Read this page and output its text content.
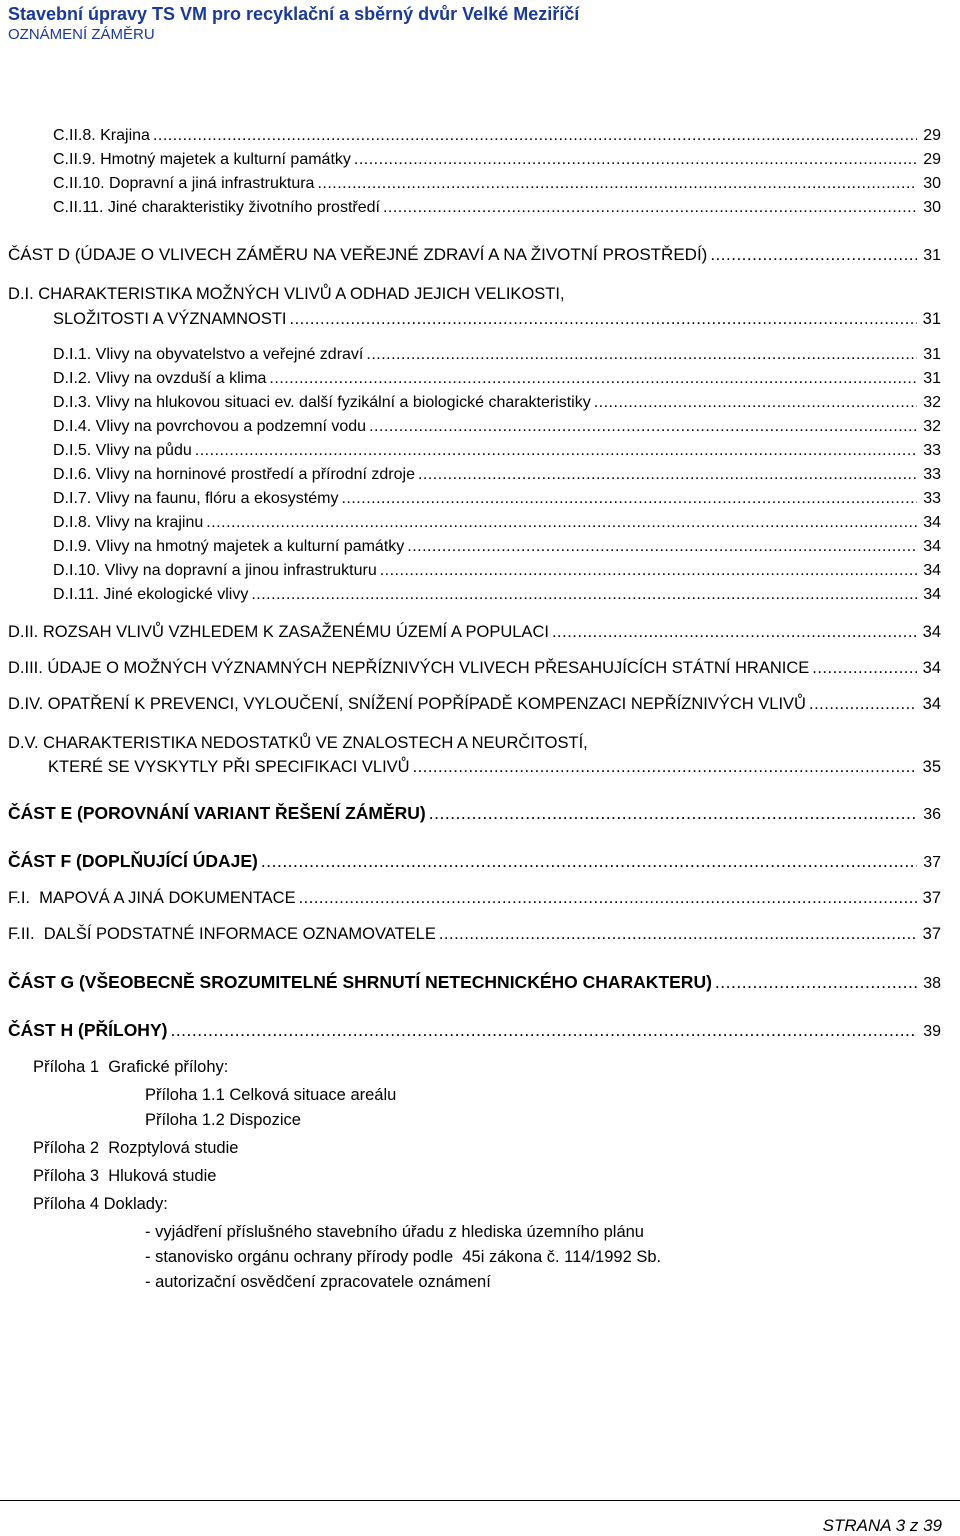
Stavební úpravy TS VM pro recyklační a sběrný dvůr Velké Meziříčí
OZNÁMENÍ ZÁMĚRU
C.II.8. Krajina .....	29
C.II.9. Hmotný majetek a kulturní památky .....	29
C.II.10. Dopravní a jiná infrastruktura .....	30
C.II.11. Jiné charakteristiky životního prostředí .....	30
ČÁST D (ÚDAJE O VLIVECH ZÁMĚRU NA VEŘEJNÉ ZDRAVÍ A NA ŽIVOTNÍ PROSTŘEDÍ) .....	31
D.I. CHARAKTERISTIKA MOŽNÝCH VLIVŮ A ODHAD JEJICH VELIKOSTI,
SLOŽITOSTI A VÝZNAMNOSTI .....	31
D.I.1. Vlivy na obyvatelstvo a veřejné zdraví .....	31
D.I.2. Vlivy na ovzduší a klima .....	31
D.I.3. Vlivy na hlukovou situaci ev. další fyzikální a biologické charakteristiky .....	32
D.I.4. Vlivy na povrchovou a podzemní vodu .....	32
D.I.5. Vlivy na půdu .....	33
D.I.6. Vlivy na horninové prostředí a přírodní zdroje .....	33
D.I.7. Vlivy na faunu, flóru a ekosystémy .....	33
D.I.8. Vlivy na krajinu .....	34
D.I.9. Vlivy na hmotný majetek a kulturní památky .....	34
D.I.10. Vlivy na dopravní a jinou infrastrukturu .....	34
D.I.11. Jiné ekologické vlivy .....	34
D.II. ROZSAH VLIVŮ VZHLEDEM K ZASAŽENÉMU ÚZEMÍ A POPULACI .....	34
D.III. ÚDAJE O MOŽNÝCH VÝZNAMNÝCH NEPŘÍZNIVÝCH VLIVECH PŘESAHUJÍCÍCH STÁTNÍ HRANICE .....	34
D.IV. OPATŘENÍ K PREVENCI, VYLOUČENÍ, SNÍŽENÍ POPŘÍPADĚ KOMPENZACI NEPŘÍZNIVÝCH VLIVŮ .....	34
D.V. CHARAKTERISTIKA NEDOSTATKŮ VE ZNALOSTECH A NEURČITOSTÍ,
KTERÉ SE VYSKYTLY PŘI SPECIFIKACI VLIVŮ .....	35
ČÁST E (POROVNÁNÍ VARIANT ŘEŠENÍ ZÁMĚRU) .....	36
ČÁST F (DOPLŇUJÍCÍ ÚDAJE) .....	37
F.I.  MAPOVÁ A JINÁ DOKUMENTACE .....	37
F.II.  DALŠÍ PODSTATNÉ INFORMACE OZNAMOVATELE .....	37
ČÁST G (VŠEOBECNĚ SROZUMITELNÉ SHRNUTÍ NETECHNICKÉHO CHARAKTERU) .....	38
ČÁST H (PŘÍLOHY) .....	39
Příloha 1  Grafické přílohy:
Příloha 1.1 Celková situace areálu
Příloha 1.2 Dispozice
Příloha 2  Rozptylová studie
Příloha 3  Hluková studie
Příloha 4 Doklady:
- vyjádření příslušného stavebního úřadu z hlediska územního plánu
- stanovisko orgánu ochrany přírody podle  45i zákona č. 114/1992 Sb.
- autorizační osvědčení zpracovatele oznámení
STRANA 3 z 39
